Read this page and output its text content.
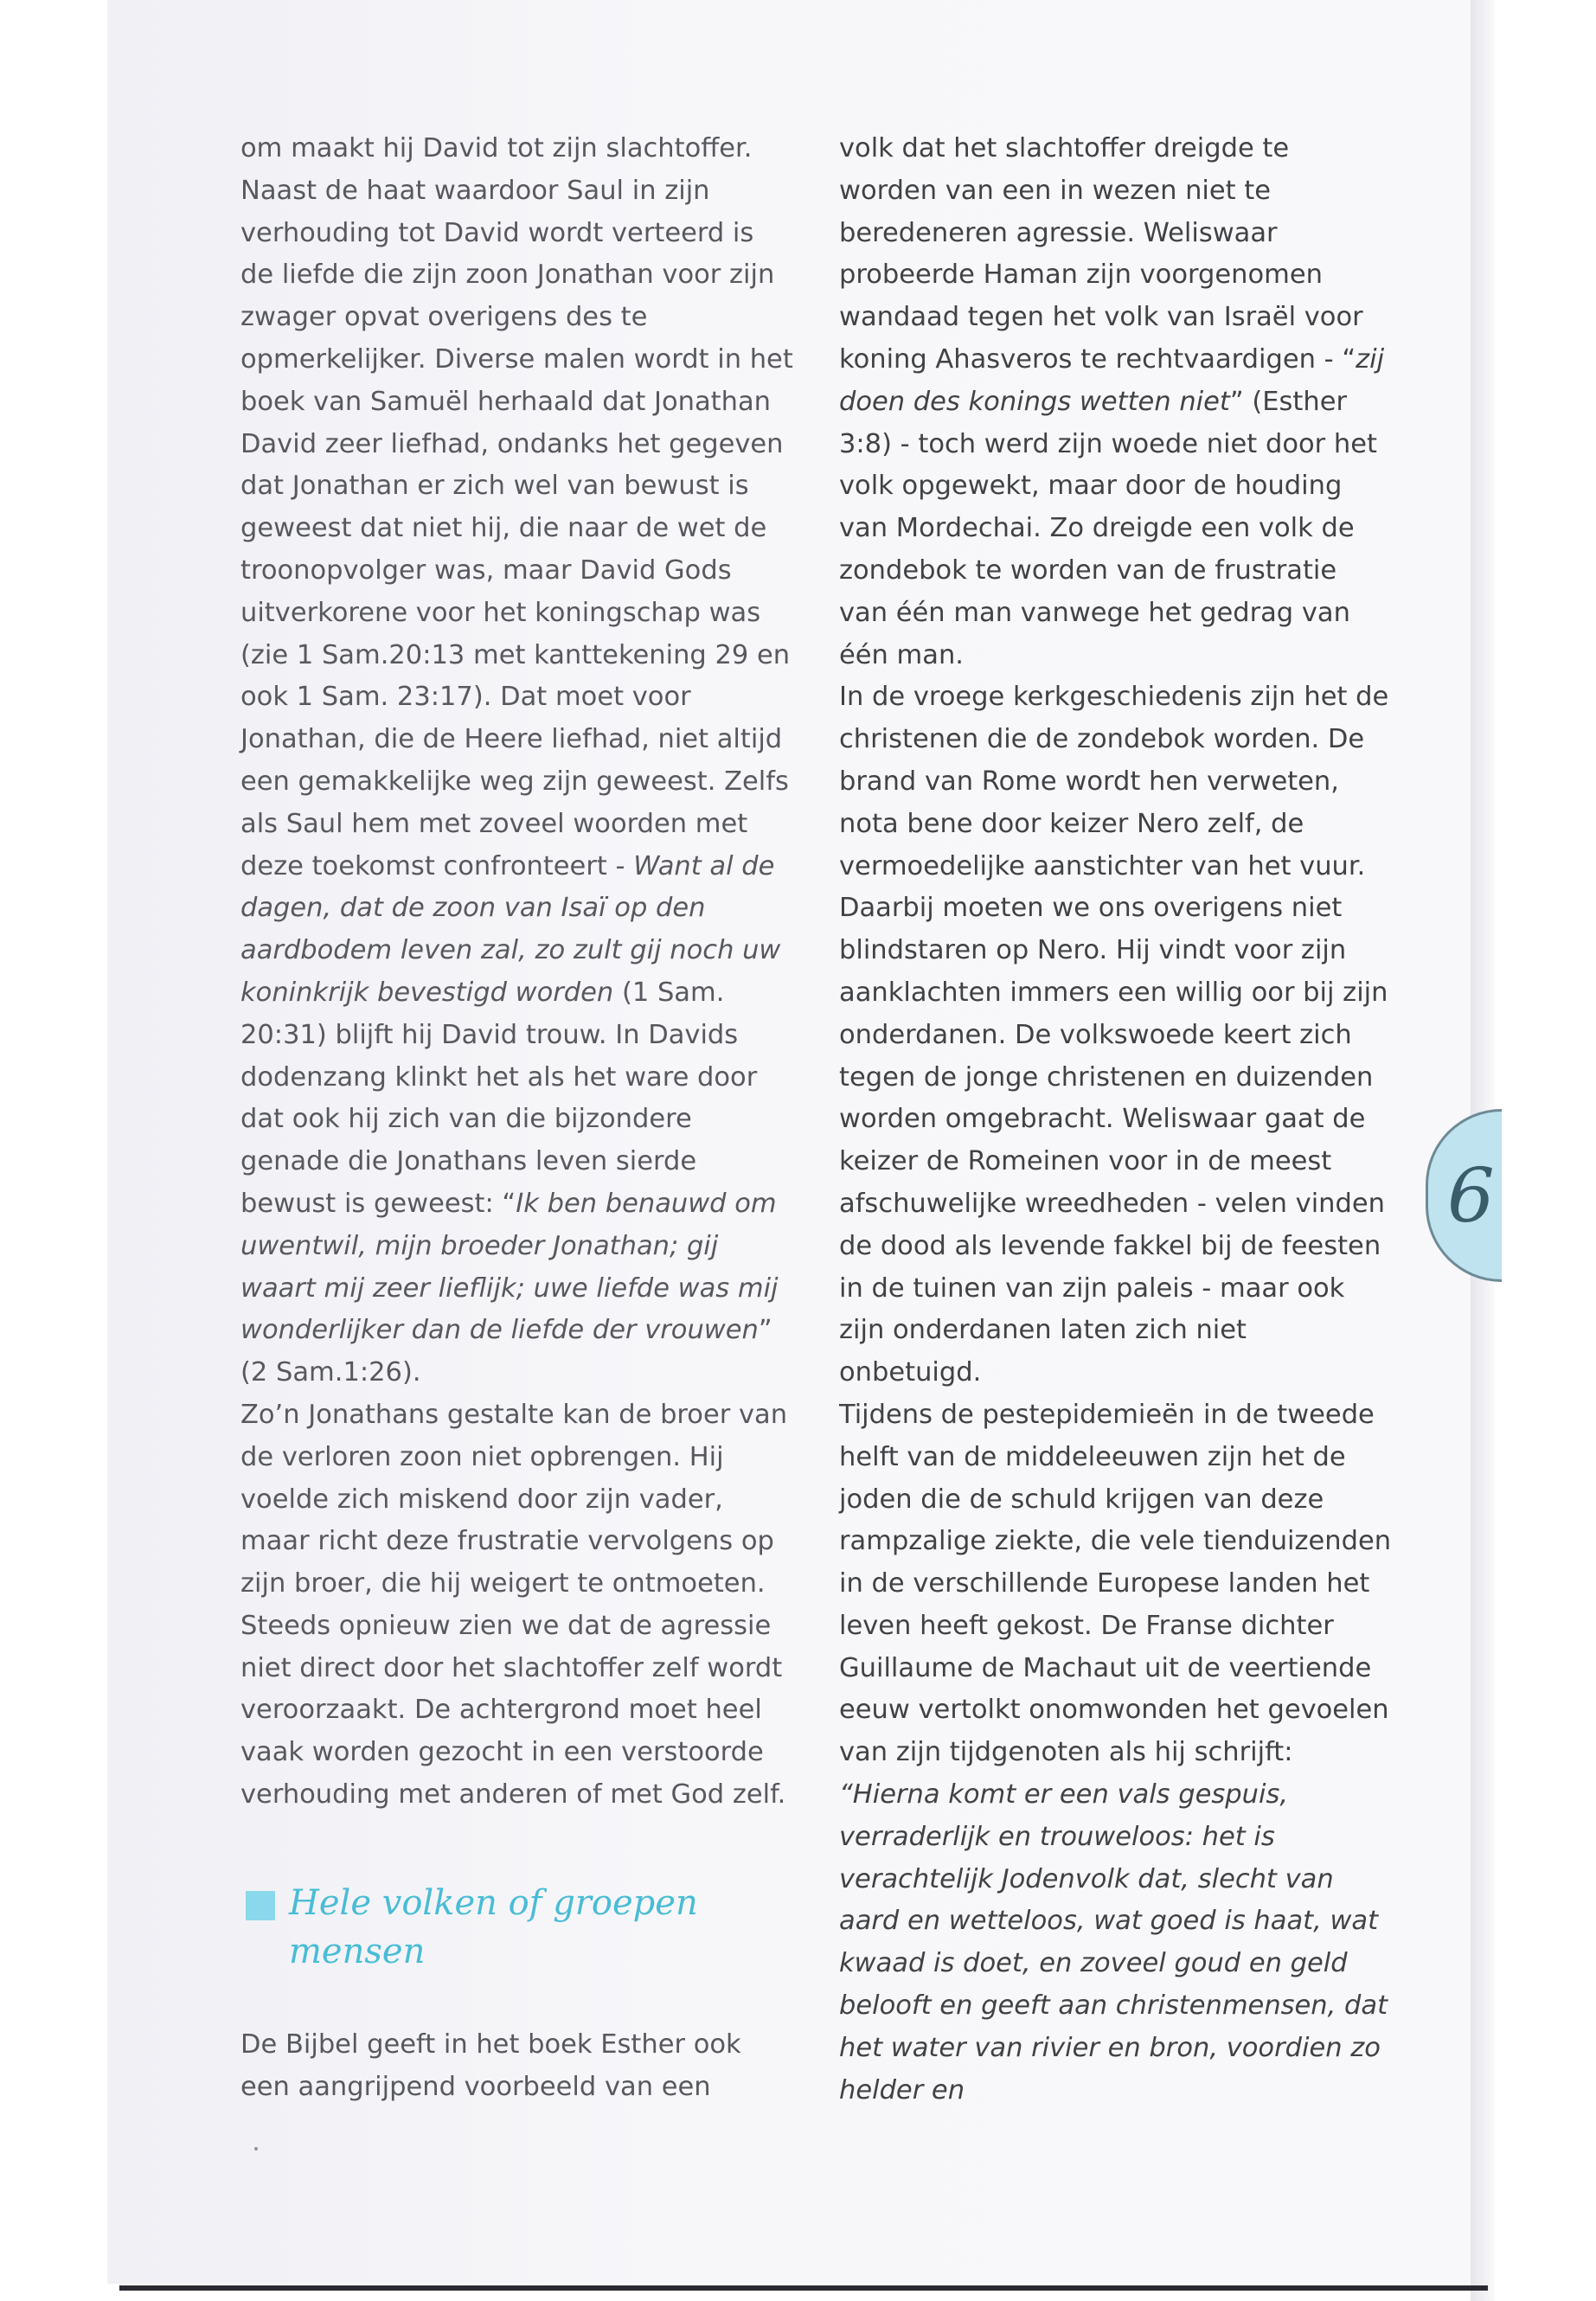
om maakt hij David tot zijn slachtoffer. Naast de haat waardoor Saul in zijn verhouding tot David wordt verteerd is de liefde die zijn zoon Jonathan voor zijn zwager opvat overigens des te opmerkelijker. Diverse malen wordt in het boek van Samuël herhaald dat Jonathan David zeer liefhad, ondanks het gegeven dat Jonathan er zich wel van bewust is geweest dat niet hij, die naar de wet de troonopvolger was, maar David Gods uitverkorene voor het koningschap was (zie 1 Sam.20:13 met kanttekening 29 en ook 1 Sam. 23:17). Dat moet voor Jonathan, die de Heere liefhad, niet altijd een gemakkelijke weg zijn geweest. Zelfs als Saul hem met zoveel woorden met deze toekomst confronteert - Want al de dagen, dat de zoon van Isaï op den aardbodem leven zal, zo zult gij noch uw koninkrijk bevestigd worden (1 Sam. 20:31) blijft hij David trouw. In Davids dodenzang klinkt het als het ware door dat ook hij zich van die bijzondere genade die Jonathans leven sierde bewust is geweest: “Ik ben benauwd om uwentwil, mijn broeder Jonathan; gij waart mij zeer lieflijk; uwe liefde was mij wonderlijker dan de liefde der vrouwen” (2 Sam.1:26).

Zo’n Jonathans gestalte kan de broer van de verloren zoon niet opbrengen. Hij voelde zich miskend door zijn vader, maar richt deze frustratie vervolgens op zijn broer, die hij weigert te ontmoeten. Steeds opnieuw zien we dat de agressie niet direct door het slachtoffer zelf wordt veroorzaakt. De achtergrond moet heel vaak worden gezocht in een verstoorde verhouding met anderen of met God zelf.

Hele volken of groepen mensen

De Bijbel geeft in het boek Esther ook een aangrijpend voorbeeld van een

volk dat het slachtoffer dreigde te worden van een in wezen niet te beredeneren agressie. Weliswaar probeerde Haman zijn voorgenomen wandaad tegen het volk van Israël voor koning Ahasveros te rechtvaardigen - “zij doen des konings wetten niet” (Esther 3:8) - toch werd zijn woede niet door het volk opgewekt, maar door de houding van Mordechai. Zo dreigde een volk de zondebok te worden van de frustratie van één man vanwege het gedrag van één man.

In de vroege kerkgeschiedenis zijn het de christenen die de zondebok worden. De brand van Rome wordt hen verweten, nota bene door keizer Nero zelf, de vermoedelijke aanstichter van het vuur. Daarbij moeten we ons overigens niet blindstaren op Nero. Hij vindt voor zijn aanklachten immers een willig oor bij zijn onderdanen. De volkswoede keert zich tegen de jonge christenen en duizenden worden omgebracht. Weliswaar gaat de keizer de Romeinen voor in de meest afschuwelijke wreedheden - velen vinden de dood als levende fakkel bij de feesten in de tuinen van zijn paleis - maar ook zijn onderdanen laten zich niet onbetuigd.

Tijdens de pestepidemieën in de tweede helft van de middeleeuwen zijn het de joden die de schuld krijgen van deze rampzalige ziekte, die vele tienduizenden in de verschillende Europese landen het leven heeft gekost. De Franse dichter Guillaume de Machaut uit de veertiende eeuw vertolkt onomwonden het gevoelen van zijn tijdgenoten als hij schrijft:

“Hierna komt er een vals gespuis, verraderlijk en trouweloos: het is verachtelijk Jodenvolk dat, slecht van aard en wetteloos, wat goed is haat, wat kwaad is doet, en zoveel goud en geld belooft en geeft aan christenmensen, dat het water van rivier en bron, voordien zo helder en

6
